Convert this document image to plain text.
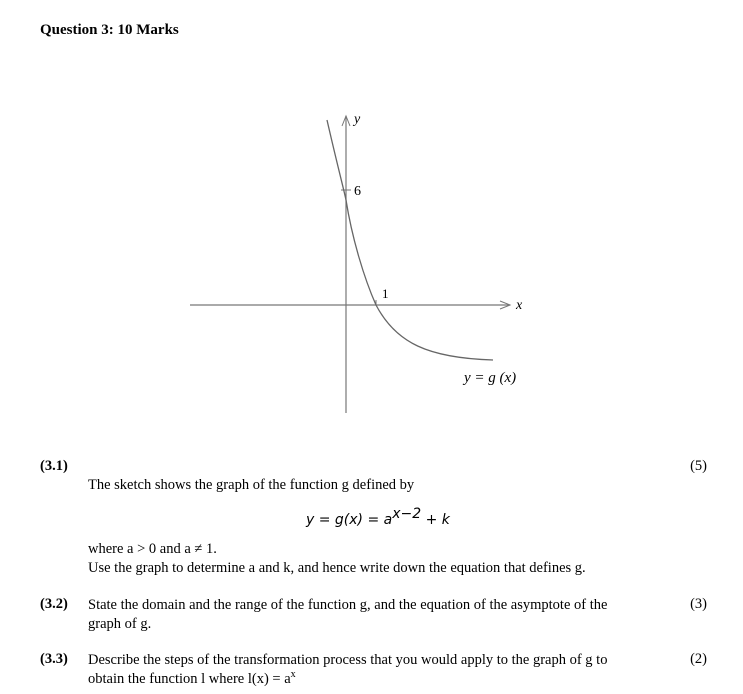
Question 3: 10 Marks
y
x
6
1
y = g (x)
(3.1)	(5)
The sketch shows the graph of the function g defined by
$y = g(x) = a^{x-2} + k$
where a > 0 and a ≠ 1.
Use the graph to determine a and k, and hence write down the equation that defines g.
(3.2)	(3)
State the domain and the range of the function g, and the equation of the asymptote of the
graph of g.
(3.3)	(2)
Describe the steps of the transformation process that you would apply to the graph of g to
obtain the function l where $l(x) = a^x$
